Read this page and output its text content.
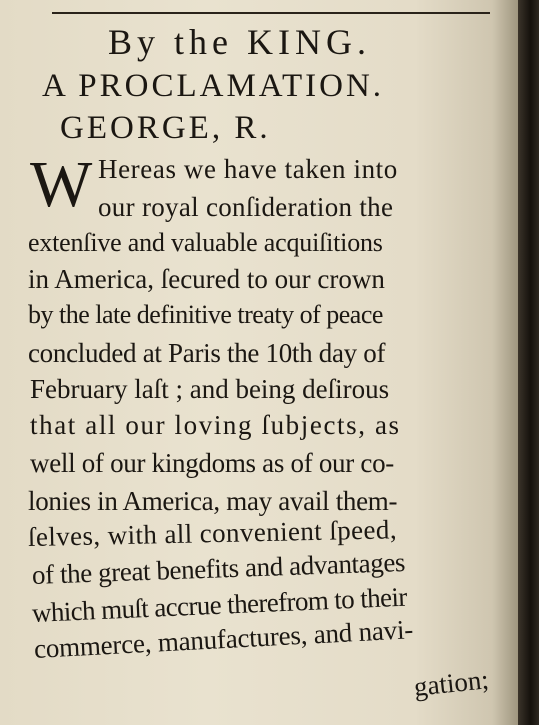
By the KING.
A PROCLAMATION.
GEORGE, R.
W Hereas we have taken into
our royal conſideration the
extenſive and valuable acquiſitions
in America, ſecured to our crown
by the late definitive treaty of peace
concluded at Paris the 10th day of
February laſt ; and being deſirous
that all our loving ſubjects, as
well of our kingdoms as of our co-
lonies in America, may avail them-
ſelves, with all convenient ſpeed,
of the great benefits and advantages
which muſt accrue therefrom to their
commerce, manufactures, and navi-
gation;
